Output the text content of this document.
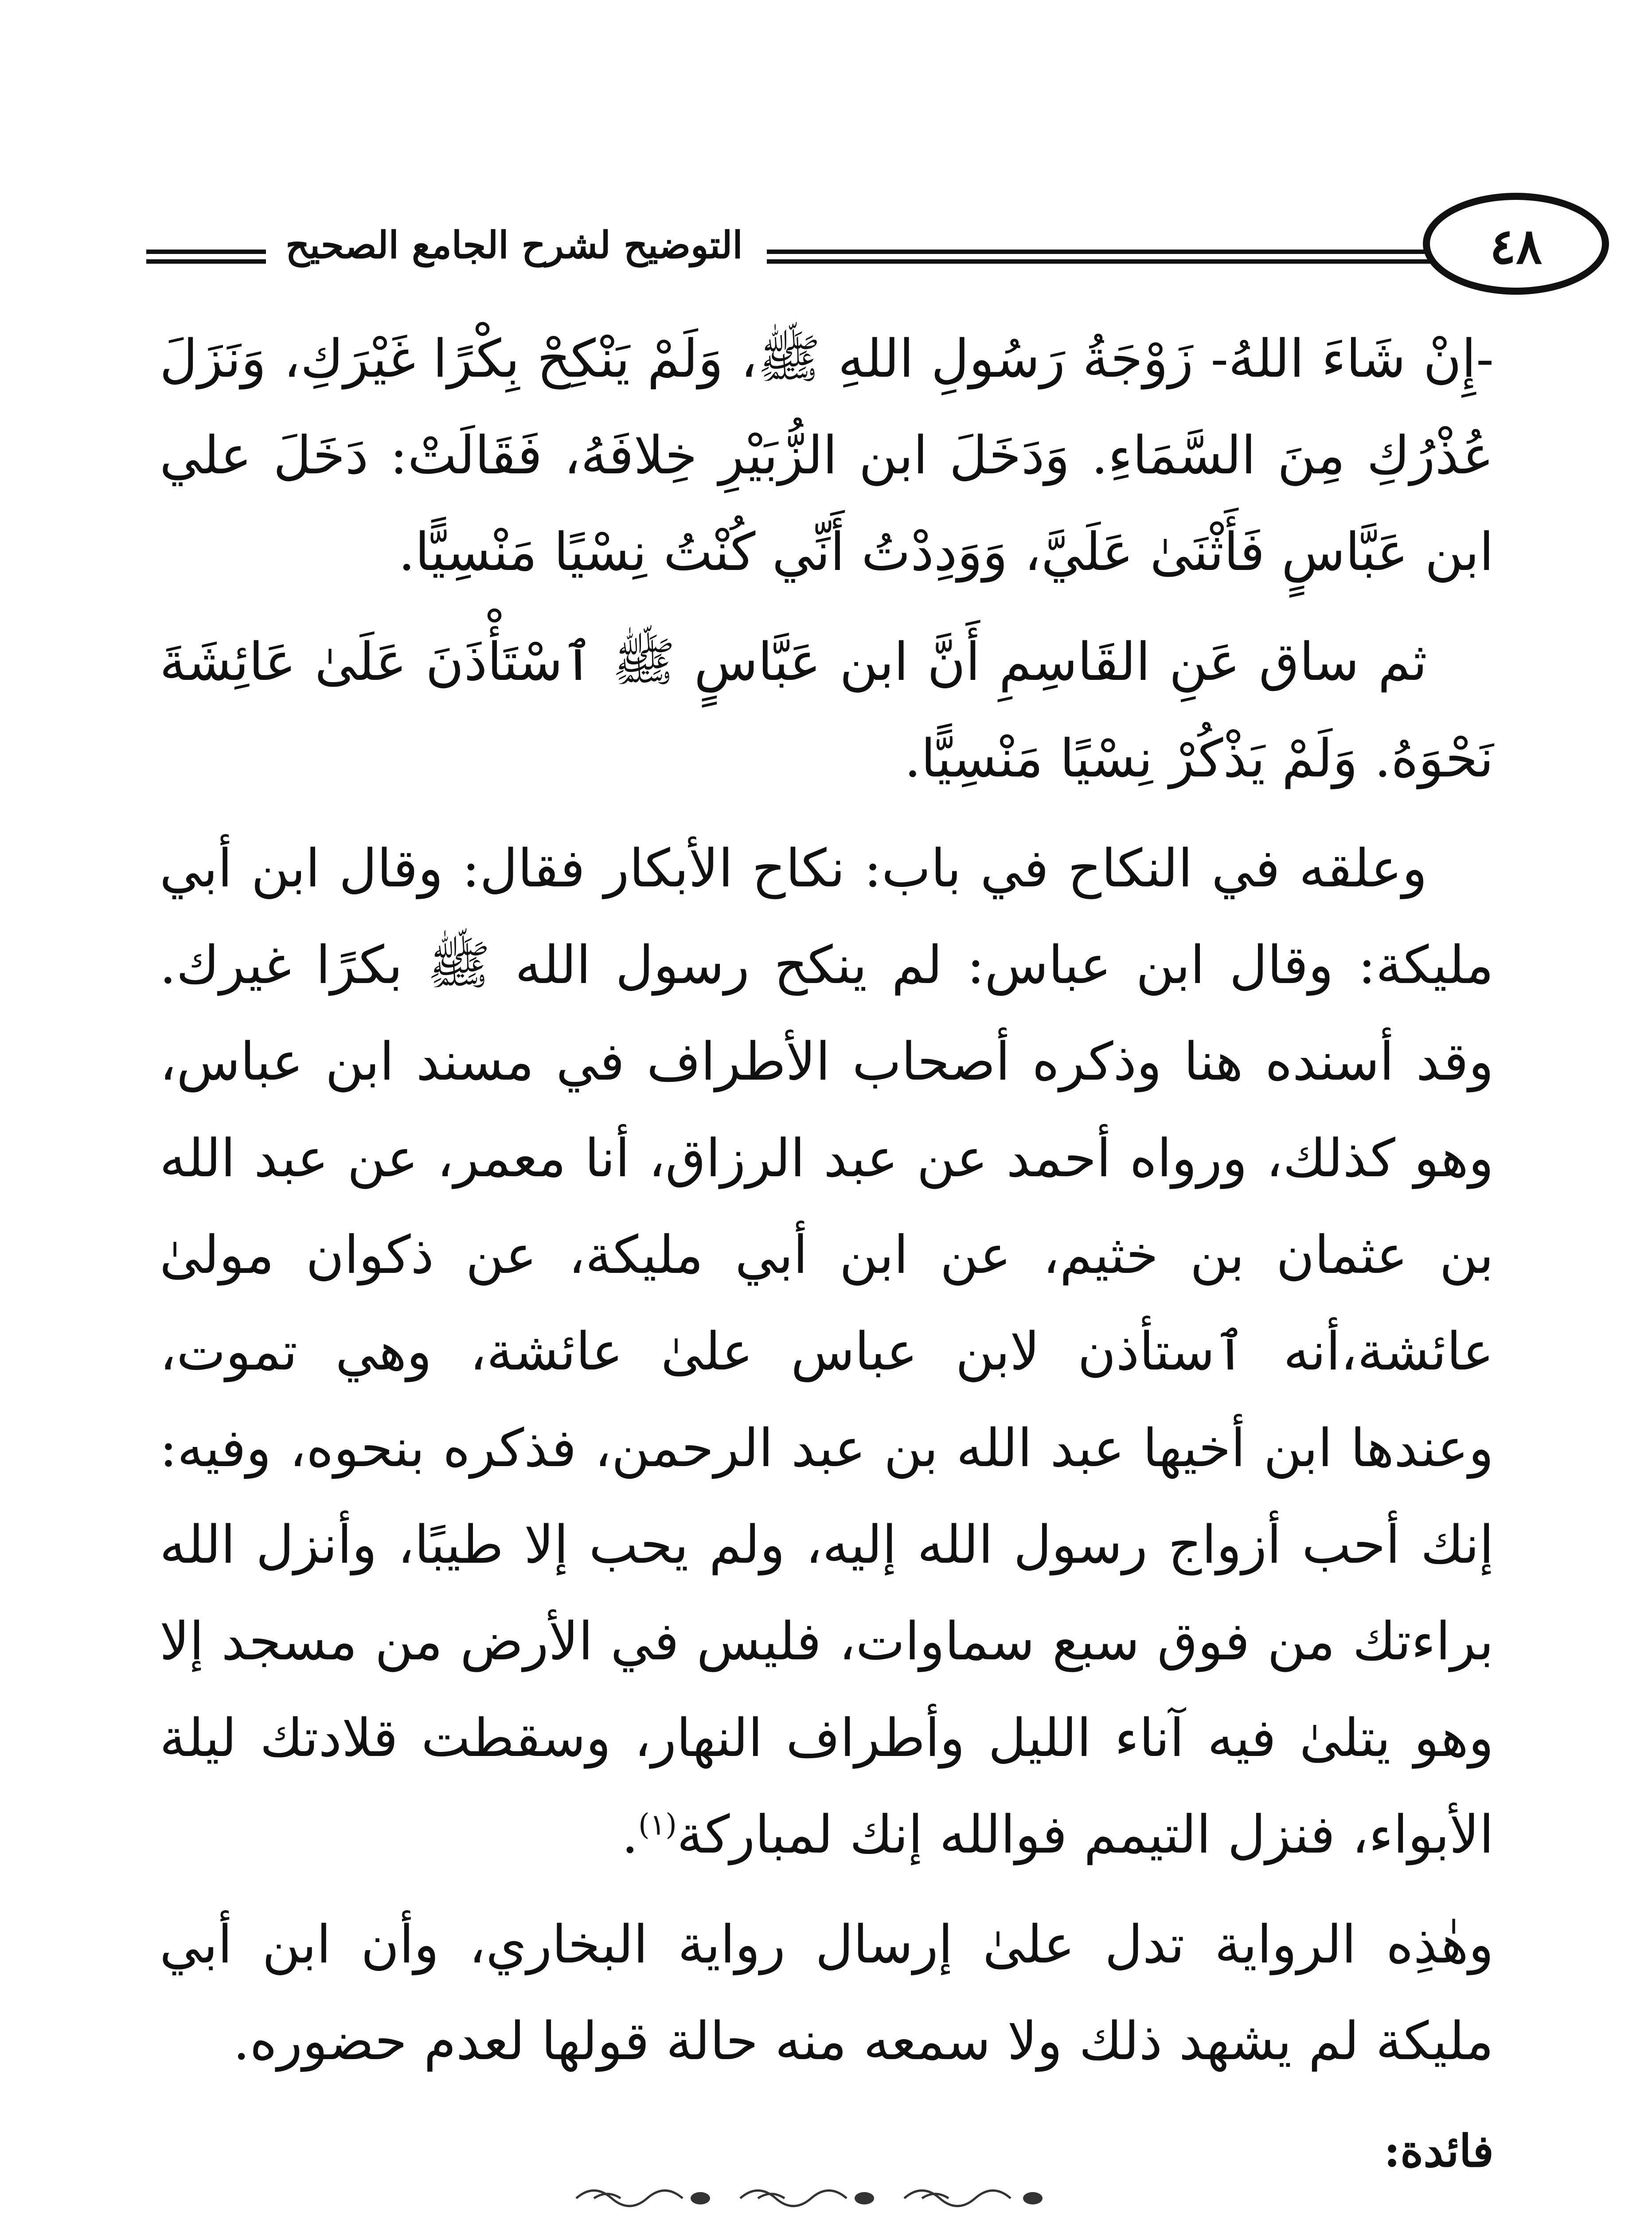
التوضيح لشرح الجامع الصحيح	٤٨

-إِنْ شَاءَ اللهُ- زَوْجَةُ رَسُولِ اللهِ ﷺ، وَلَمْ يَنْكِحْ بِكْرًا غَيْرَكِ، وَنَزَلَ عُذْرُكِ مِنَ السَّمَاءِ. وَدَخَلَ ابن الزُّبَيْرِ خِلافَهُ، فَقَالَتْ: دَخَلَ علي ابن عَبَّاسٍ فَأَثْنَىٰ عَلَيَّ، وَوَدِدْتُ أَنِّي كُنْتُ نِسْيًا مَنْسِيًّا.

ثم ساق عَنِ القَاسِمِ أَنَّ ابن عَبَّاسٍ ﷺ ٱسْتَأْذَنَ عَلَىٰ عَائِشَةَ نَحْوَهُ. وَلَمْ يَذْكُرْ نِسْيًا مَنْسِيًّا.

وعلقه في النكاح في باب: نكاح الأبكار فقال: وقال ابن أبي مليكة: وقال ابن عباس: لم ينكح رسول الله ﷺ بكرًا غيرك. وقد أسنده هنا وذكره أصحاب الأطراف في مسند ابن عباس، وهو كذلك، ورواه أحمد عن عبد الرزاق، أنا معمر، عن عبد الله بن عثمان بن خثيم، عن ابن أبي مليكة، عن ذكوان مولىٰ عائشة،أنه ٱستأذن لابن عباس علىٰ عائشة، وهي تموت، وعندها ابن أخيها عبد الله بن عبد الرحمن، فذكره بنحوه، وفيه: إنك أحب أزواج رسول الله إليه، ولم يحب إلا طيبًا، وأنزل الله براءتك من فوق سبع سماوات، فليس في الأرض من مسجد إلا وهو يتلىٰ فيه آناء الليل وأطراف النهار، وسقطت قلادتك ليلة الأبواء، فنزل التيمم فوالله إنك لمباركة$^{(١)}$.

وهٰذِه الرواية تدل علىٰ إرسال رواية البخاري، وأن ابن أبي مليكة لم يشهد ذلك ولا سمعه منه حالة قولها لعدم حضوره.

فائدة:
